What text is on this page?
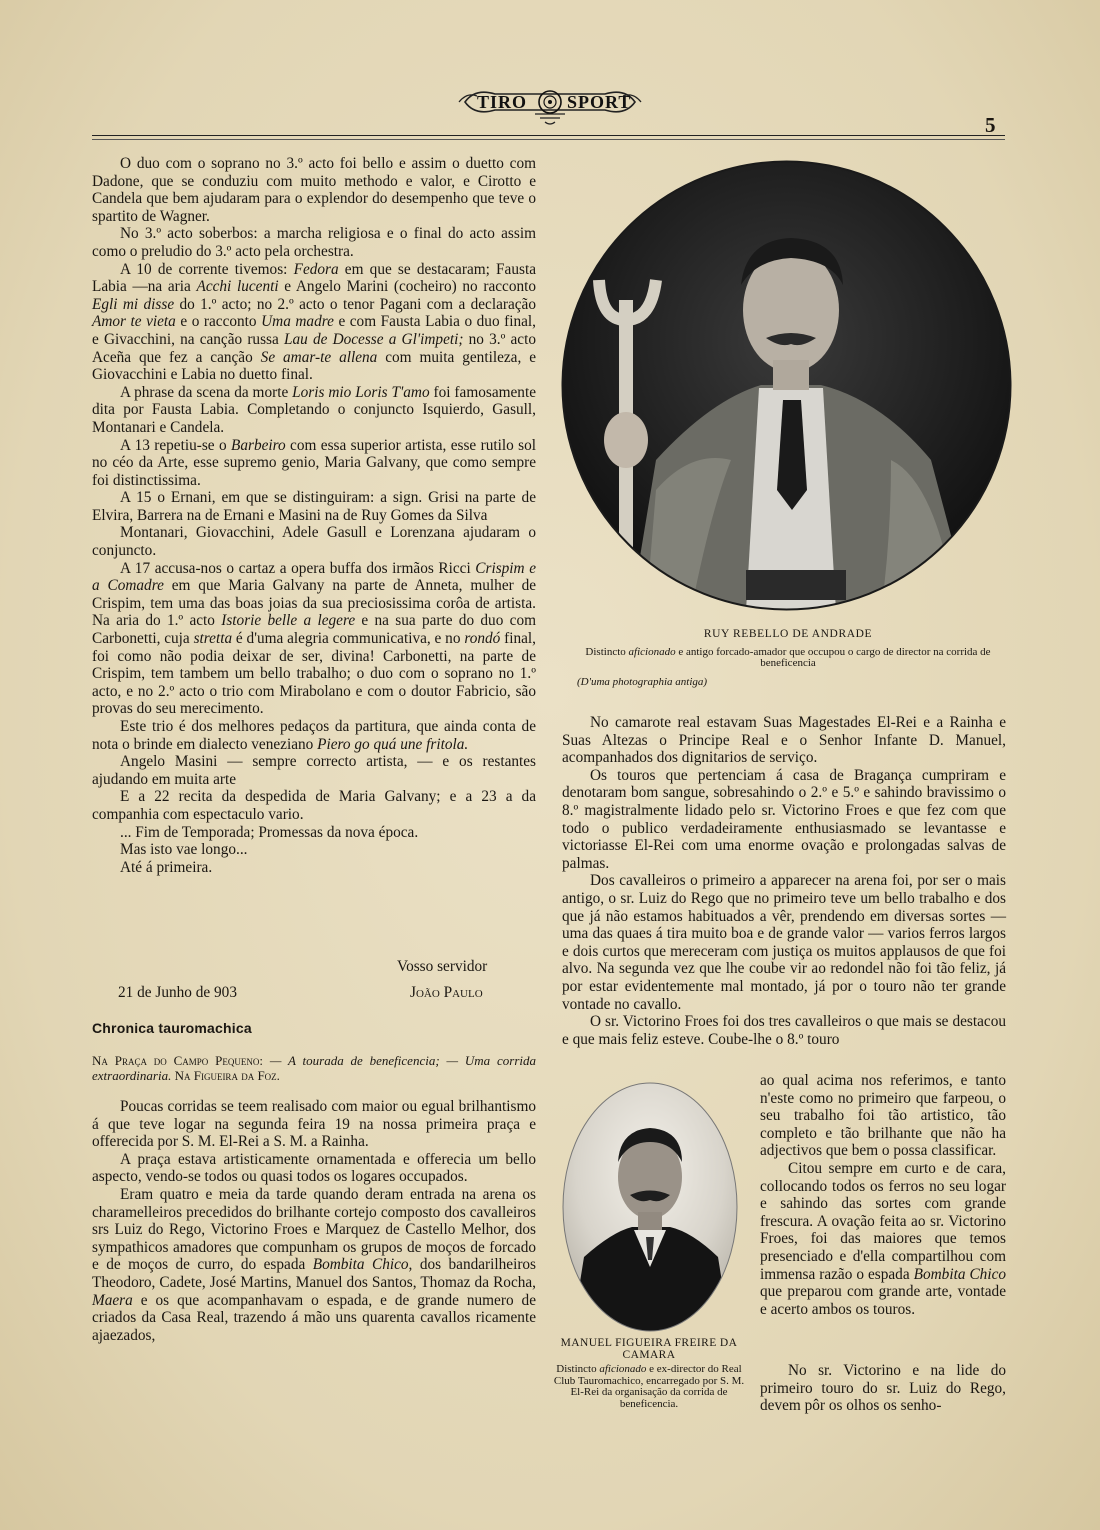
TIRO SPORT
5

O duo com o soprano no 3.º acto foi bello e assim o duetto com Dadone, que se conduziu com muito methodo e valor, e Cirotto e Candela que bem ajudaram para o explendor do desempenho que teve o spartito de Wagner.

No 3.º acto soberbos: a marcha religiosa e o final do acto assim como o preludio do 3.º acto pela orchestra.

A 10 de corrente tivemos: Fedora em que se destacaram; Fausta Labia —na aria Acchi lucenti e Angelo Marini (cocheiro) no racconto Egli mi disse do 1.º acto; no 2.º acto o tenor Pagani com a declaração Amor te vieta e o racconto Uma madre e com Fausta Labia o duo final, e Givacchini, na canção russa Lau de Docesse a Gl'impeti; no 3.º acto Aceña que fez a canção Se amar-te allena com muita gentileza, e Giovacchini e Labia no duetto final.

A phrase da scena da morte Loris mio Loris T'amo foi famosamente dita por Fausta Labia. Completando o conjuncto Isquierdo, Gasull, Montanari e Candela.

A 13 repetiu-se o Barbeiro com essa superior artista, esse rutilo sol no céo da Arte, esse supremo genio, Maria Galvany, que como sempre foi distinctissima.

A 15 o Ernani, em que se distinguiram: a sign. Grisi na parte de Elvira, Barrera na de Ernani e Masini na de Ruy Gomes da Silva

Montanari, Giovacchini, Adele Gasull e Lorenzana ajudaram o conjuncto.

A 17 accusa-nos o cartaz a opera buffa dos irmãos Ricci Crispim e a Comadre em que Maria Galvany na parte de Anneta, mulher de Crispim, tem uma das boas joias da sua preciosissima corôa de artista. Na aria do 1.º acto Istorie belle a legere e na sua parte do duo com Carbonetti, cuja stretta é d'uma alegria communicativa, e no rondó final, foi como não podia deixar de ser, divina! Carbonetti, na parte de Crispim, tem tambem um bello trabalho; o duo com o soprano no 1.º acto, e no 2.º acto o trio com Mirabolano e com o doutor Fabricio, são provas do seu merecimento.

Este trio é dos melhores pedaços da partitura, que ainda conta de nota o brinde em dialecto veneziano Piero go quá une fritola.

Angelo Masini — sempre correcto artista, — e os restantes ajudando em muita arte

E a 22 recita da despedida de Maria Galvany; e a 23 a da companhia com espectaculo vario.

... Fim de Temporada; Promessas da nova época.

Mas isto vae longo...

Até á primeira.

Vosso servidor
21 de Junho de 903	João Paulo
Chronica tauromachica
Na Praça do Campo Pequeno: — A tourada de beneficencia; — Uma corrida extraordinaria. Na Figueira da Foz.

Poucas corridas se teem realisado com maior ou egual brilhantismo á que teve logar na segunda feira 19 na nossa primeira praça e offerecida por S. M. El-Rei a S. M. a Rainha.

A praça estava artisticamente ornamentada e offerecia um bello aspecto, vendo-se todos ou quasi todos os logares occupados.

Eram quatro e meia da tarde quando deram entrada na arena os charamelleiros precedidos do brilhante cortejo composto dos cavalleiros srs Luiz do Rego, Victorino Froes e Marquez de Castello Melhor, dos sympathicos amadores que compunham os grupos de moços de forcado e de moços de curro, do espada Bombita Chico, dos bandarilheiros Theodoro, Cadete, José Martins, Manuel dos Santos, Thomaz da Rocha, Maera e os que acompanhavam o espada, e de grande numero de criados da Casa Real, trazendo á mão uns quarenta cavallos ricamente ajaezados,

RUY REBELLO DE ANDRADE
Distincto aficionado e antigo forcado-amador que occupou o cargo de director na corrida de beneficencia
(D'uma photographia antiga)

No camarote real estavam Suas Magestades El-Rei e a Rainha e Suas Altezas o Principe Real e o Senhor Infante D. Manuel, acompanhados dos dignitarios de serviço.

Os touros que pertenciam á casa de Bragança cumpriram e denotaram bom sangue, sobresahindo o 2.º e 5.º e sahindo bravissimo o 8.º magistralmente lidado pelo sr. Victorino Froes e que fez com que todo o publico verdadeiramente enthusiasmado se levantasse e victoriasse El-Rei com uma enorme ovação e prolongadas salvas de palmas.

Dos cavalleiros o primeiro a apparecer na arena foi, por ser o mais antigo, o sr. Luiz do Rego que no primeiro teve um bello trabalho e dos que já não estamos habituados a vêr, prendendo em diversas sortes — uma das quaes á tira muito boa e de grande valor — varios ferros largos e dois curtos que mereceram com justiça os muitos applausos de que foi alvo. Na segunda vez que lhe coube vir ao redondel não foi tão feliz, já por estar evidentemente mal montado, já por o touro não ter grande vontade no cavallo.

O sr. Victorino Froes foi dos tres cavalleiros o que mais se destacou e que mais feliz esteve. Coube-lhe o 8.º touro

MANUEL FIGUEIRA FREIRE DA CAMARA
Distincto aficionado e ex-director do Real Club Tauromachico, encarregado por S. M. El-Rei da organisação da corrida de beneficencia.

ao qual acima nos referimos, e tanto n'este como no primeiro que farpeou, o seu trabalho foi tão artistico, tão completo e tão brilhante que não ha adjectivos que bem o possa classificar.

Citou sempre em curto e de cara, collocando todos os ferros no seu logar e sahindo das sortes com grande frescura. A ovação feita ao sr. Victorino Froes, foi das maiores que temos presenciado e d'ella compartilhou com immensa razão o espada Bombita Chico que preparou com grande arte, vontade e acerto ambos os touros.

No sr. Victorino e na lide do primeiro touro do sr. Luiz do Rego, devem pôr os olhos os senho-
